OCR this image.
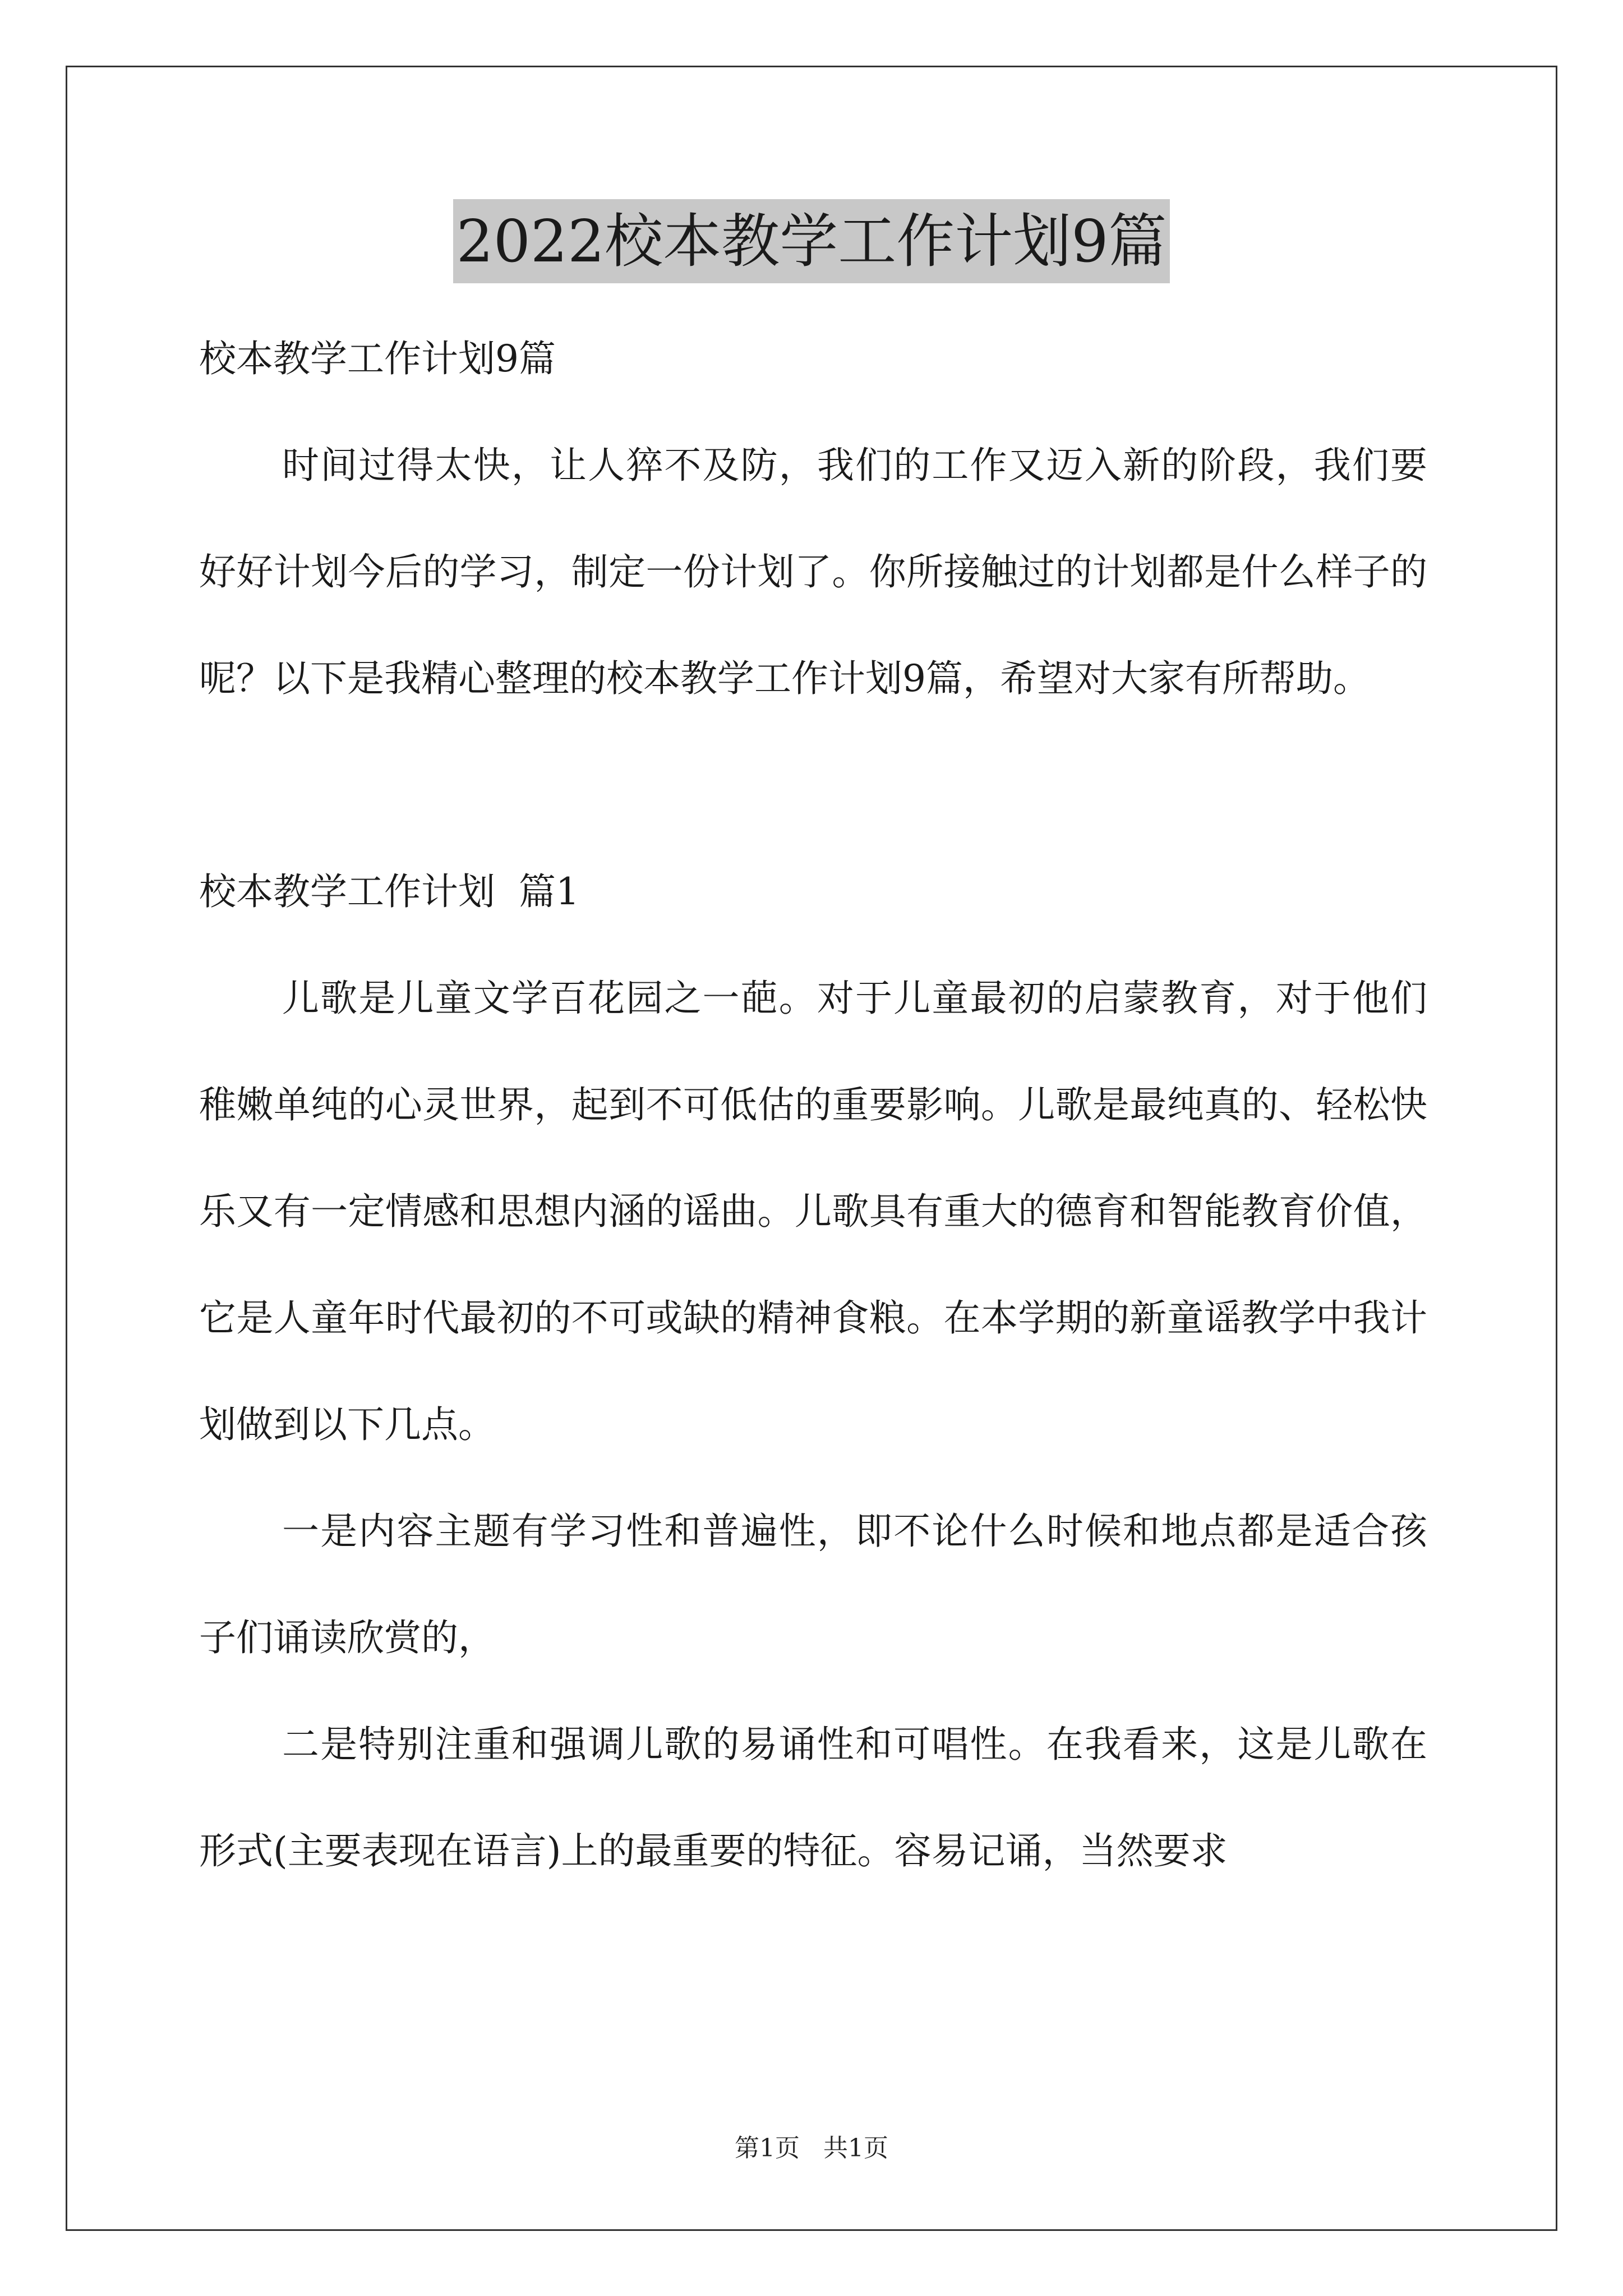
2022校本教学工作计划9篇

校本教学工作计划9篇

时间过得太快，让人猝不及防，我们的工作又迈入新的阶段，我们要好好计划今后的学习，制定一份计划了。你所接触过的计划都是什么样子的呢？以下是我精心整理的校本教学工作计划9篇，希望对大家有所帮助。

校本教学工作计划  篇1

儿歌是儿童文学百花园之一葩。对于儿童最初的启蒙教育，对于他们稚嫩单纯的心灵世界，起到不可低估的重要影响。儿歌是最纯真的、轻松快乐又有一定情感和思想内涵的谣曲。儿歌具有重大的德育和智能教育价值，它是人童年时代最初的不可或缺的精神食粮。在本学期的新童谣教学中我计划做到以下几点。

一是内容主题有学习性和普遍性，即不论什么时候和地点都是适合孩子们诵读欣赏的，

二是特别注重和强调儿歌的易诵性和可唱性。在我看来，这是儿歌在形式(主要表现在语言)上的最重要的特征。容易记诵，当然要求

第1页 共1页
